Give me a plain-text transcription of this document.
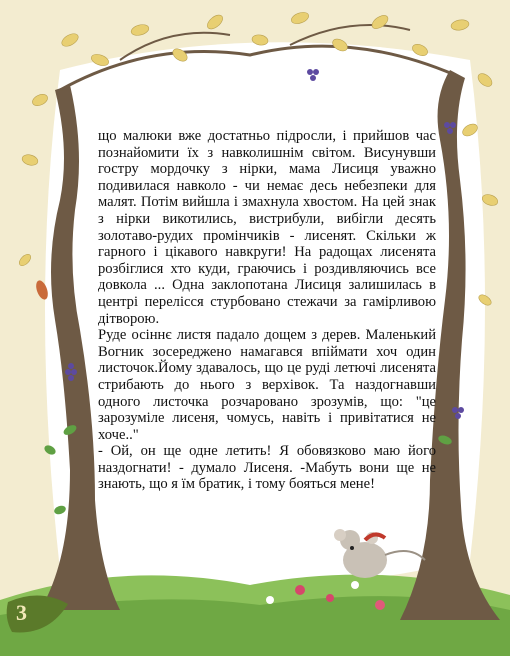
3

що малюки вже достатньо підросли, і прийшов час познайомити їх з навколишнім світом. Висунувши гостру мордочку з нірки, мама Лисиця уважно подивилася навколо - чи немає десь небезпеки для малят. Потім вийшла і змахнула хвостом. На цей знак з нірки викотились, вистрибули, вибігли десять золотаво-рудих промінчиків - лисенят. Скільки ж гарного і цікавого навкруги! На радощах лисенята розбіглися хто куди, граючись і роздивляючись все довкола ... Одна заклопотана Лисиця залишилась в центрі перелісся стурбовано стежачи за гамірливою дітворою.

Руде осіннє листя падало дощем з дерев. Маленький Вогник зосереджено намагався впіймати хоч один листочок.Йому здавалось, що це руді летючі лисенята стрибають до нього з верхівок. Та наздогнавши одного листочка розчаровано зрозумів, що: "це зарозуміле лисеня, чомусь, навіть і привітатися не хоче.."

- Ой, он ще одне летить! Я обовязково маю його наздогнати! - думало Лисеня. -Мабуть вони ще не знають, що я їм братик, і тому бояться мене!
